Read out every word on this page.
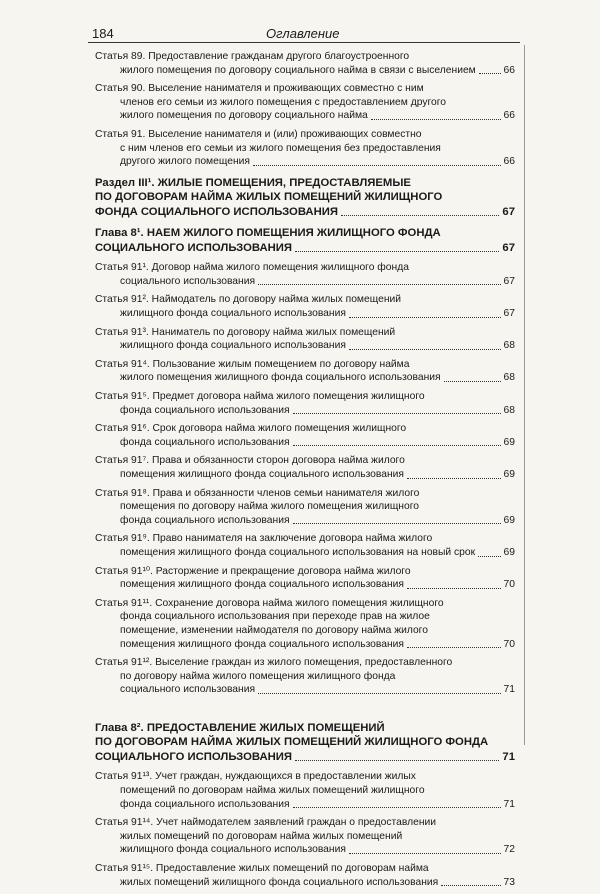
184	Оглавление
Статья 89. Предоставление гражданам другого благоустроенного
жилого помещения по договору социального найма в связи с выселением	66
Статья 90. Выселение нанимателя и проживающих совместно с ним
членов его семьи из жилого помещения с предоставлением другого
жилого помещения по договору социального найма	66
Статья 91. Выселение нанимателя и (или) проживающих совместно
с ним членов его семьи из жилого помещения без предоставления
другого жилого помещения	66
Раздел III¹. ЖИЛЫЕ ПОМЕЩЕНИЯ, ПРЕДОСТАВЛЯЕМЫЕ
ПО ДОГОВОРАМ НАЙМА ЖИЛЫХ ПОМЕЩЕНИЙ ЖИЛИЩНОГО
ФОНДА СОЦИАЛЬНОГО ИСПОЛЬЗОВАНИЯ	67
Глава 8¹. НАЕМ ЖИЛОГО ПОМЕЩЕНИЯ ЖИЛИЩНОГО ФОНДА
СОЦИАЛЬНОГО ИСПОЛЬЗОВАНИЯ	67
Статья 91¹. Договор найма жилого помещения жилищного фонда
социального использования	67
Статья 91². Наймодатель по договору найма жилых помещений
жилищного фонда социального использования	67
Статья 91³. Наниматель по договору найма жилых помещений
жилищного фонда социального использования	68
Статья 91⁴. Пользование жилым помещением по договору найма
жилого помещения жилищного фонда социального использования	68
Статья 91⁵. Предмет договора найма жилого помещения жилищного
фонда социального использования	68
Статья 91⁶. Срок договора найма жилого помещения жилищного
фонда социального использования	69
Статья 91⁷. Права и обязанности сторон договора найма жилого
помещения жилищного фонда социального использования	69
Статья 91⁸. Права и обязанности членов семьи нанимателя жилого
помещения по договору найма жилого помещения жилищного
фонда социального использования	69
Статья 91⁹. Право нанимателя на заключение договора найма жилого
помещения жилищного фонда социального использования на новый срок	69
Статья 91¹⁰. Расторжение и прекращение договора найма жилого
помещения жилищного фонда социального использования	70
Статья 91¹¹. Сохранение договора найма жилого помещения жилищного
фонда социального использования при переходе прав на жилое
помещение, изменении наймодателя по договору найма жилого
помещения жилищного фонда социального использования	70
Статья 91¹². Выселение граждан из жилого помещения, предоставленного
по договору найма жилого помещения жилищного фонда
социального использования	71
Глава 8². ПРЕДОСТАВЛЕНИЕ ЖИЛЫХ ПОМЕЩЕНИЙ
ПО ДОГОВОРАМ НАЙМА ЖИЛЫХ ПОМЕЩЕНИЙ ЖИЛИЩНОГО ФОНДА
СОЦИАЛЬНОГО ИСПОЛЬЗОВАНИЯ	71
Статья 91¹³. Учет граждан, нуждающихся в предоставлении жилых
помещений по договорам найма жилых помещений жилищного
фонда социального использования	71
Статья 91¹⁴. Учет наймодателем заявлений граждан о предоставлении
жилых помещений по договорам найма жилых помещений
жилищного фонда социального использования	72
Статья 91¹⁵. Предоставление жилых помещений по договорам найма
жилых помещений жилищного фонда социального использования	73
